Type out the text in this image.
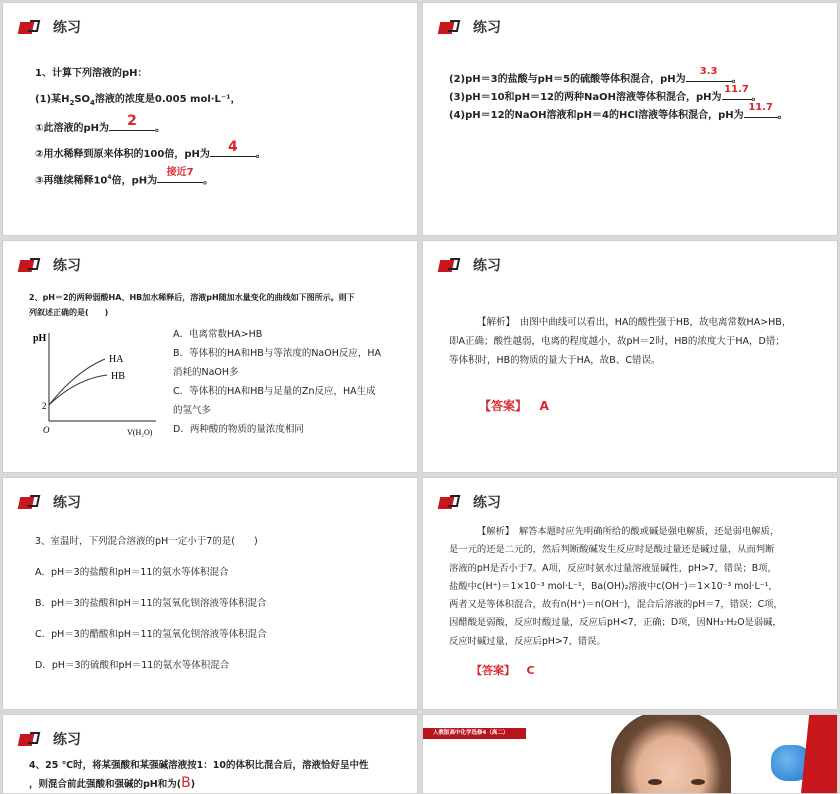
练习
1、计算下列溶液的pH：
(1)某$H_2SO_4$溶液的浓度是0.005 mol·L⁻¹，
①此溶液的pH为	2	。
②用水稀释到原来体积的100倍，pH为	4	。
③再继续稀释$10^4$倍，pH为
接近7
。
练习
(2)pH＝3的盐酸与pH＝5的硫酸等体积混合，pH为
3.3
。
(3)pH＝10和pH＝12的两种NaOH溶液等体积混合，pH为
11.7
。
(4)pH＝12的NaOH溶液和pH＝4的HCl溶液等体积混合，pH为
11.7
。
练习
2、pH＝2的两种弱酸HA、HB加水稀释后，溶液pH随加水量变化的曲线如下图所示。则下
列叙述正确的是(　　)
pH
V(H₂O)
O
2
HA
HB
A．电离常数HA>HB
B．等体积的HA和HB与等浓度的NaOH反应，HA
消耗的NaOH多
C．等体积的HA和HB与足量的Zn反应，HA生成
的氢气多
D．两种酸的物质的量浓度相同
练习
【解析】　由图中曲线可以看出，HA的酸性强于HB，故电离常数HA>HB，
即A正确；酸性越弱，电离的程度越小，故pH＝2时，HB的浓度大于HA，D错；
等体积时，HB的物质的量大于HA，故B、C错误。
【答案】 A
练习
3、室温时，下列混合溶液的pH一定小于7的是(　　)
A．pH＝3的盐酸和pH＝11的氨水等体积混合
B．pH＝3的盐酸和pH＝11的氢氧化钡溶液等体积混合
C．pH＝3的醋酸和pH＝11的氢氧化钡溶液等体积混合
D．pH＝3的硫酸和pH＝11的氨水等体积混合
练习
【解析】　解答本题时应先明确所给的酸或碱是强电解质，还是弱电解质，
是一元的还是二元的，然后判断酸碱发生反应时是酸过量还是碱过量，从而判断
溶液的pH是否小于7。A项，反应时氨水过量溶液显碱性，pH>7，错误；B项，
盐酸中c(H⁺)＝1×10⁻³ mol·L⁻¹，Ba(OH)₂溶液中c(OH⁻)＝1×10⁻³ mol·L⁻¹，
两者又是等体积混合，故有n(H⁺)＝n(OH⁻)，混合后溶液的pH＝7，错误；C项，
因醋酸是弱酸，反应时酸过量，反应后pH<7，正确；D项，因NH₃·H₂O是弱碱，
反应时碱过量，反应后pH>7，错误。
【答案】 C
练习
4、25 ℃时，将某强酸和某强碱溶液按1：10的体积比混合后，溶液恰好呈中性
，则混合前此强酸和强碱的pH和为(B)
人教版高中化学选修4（高二）
